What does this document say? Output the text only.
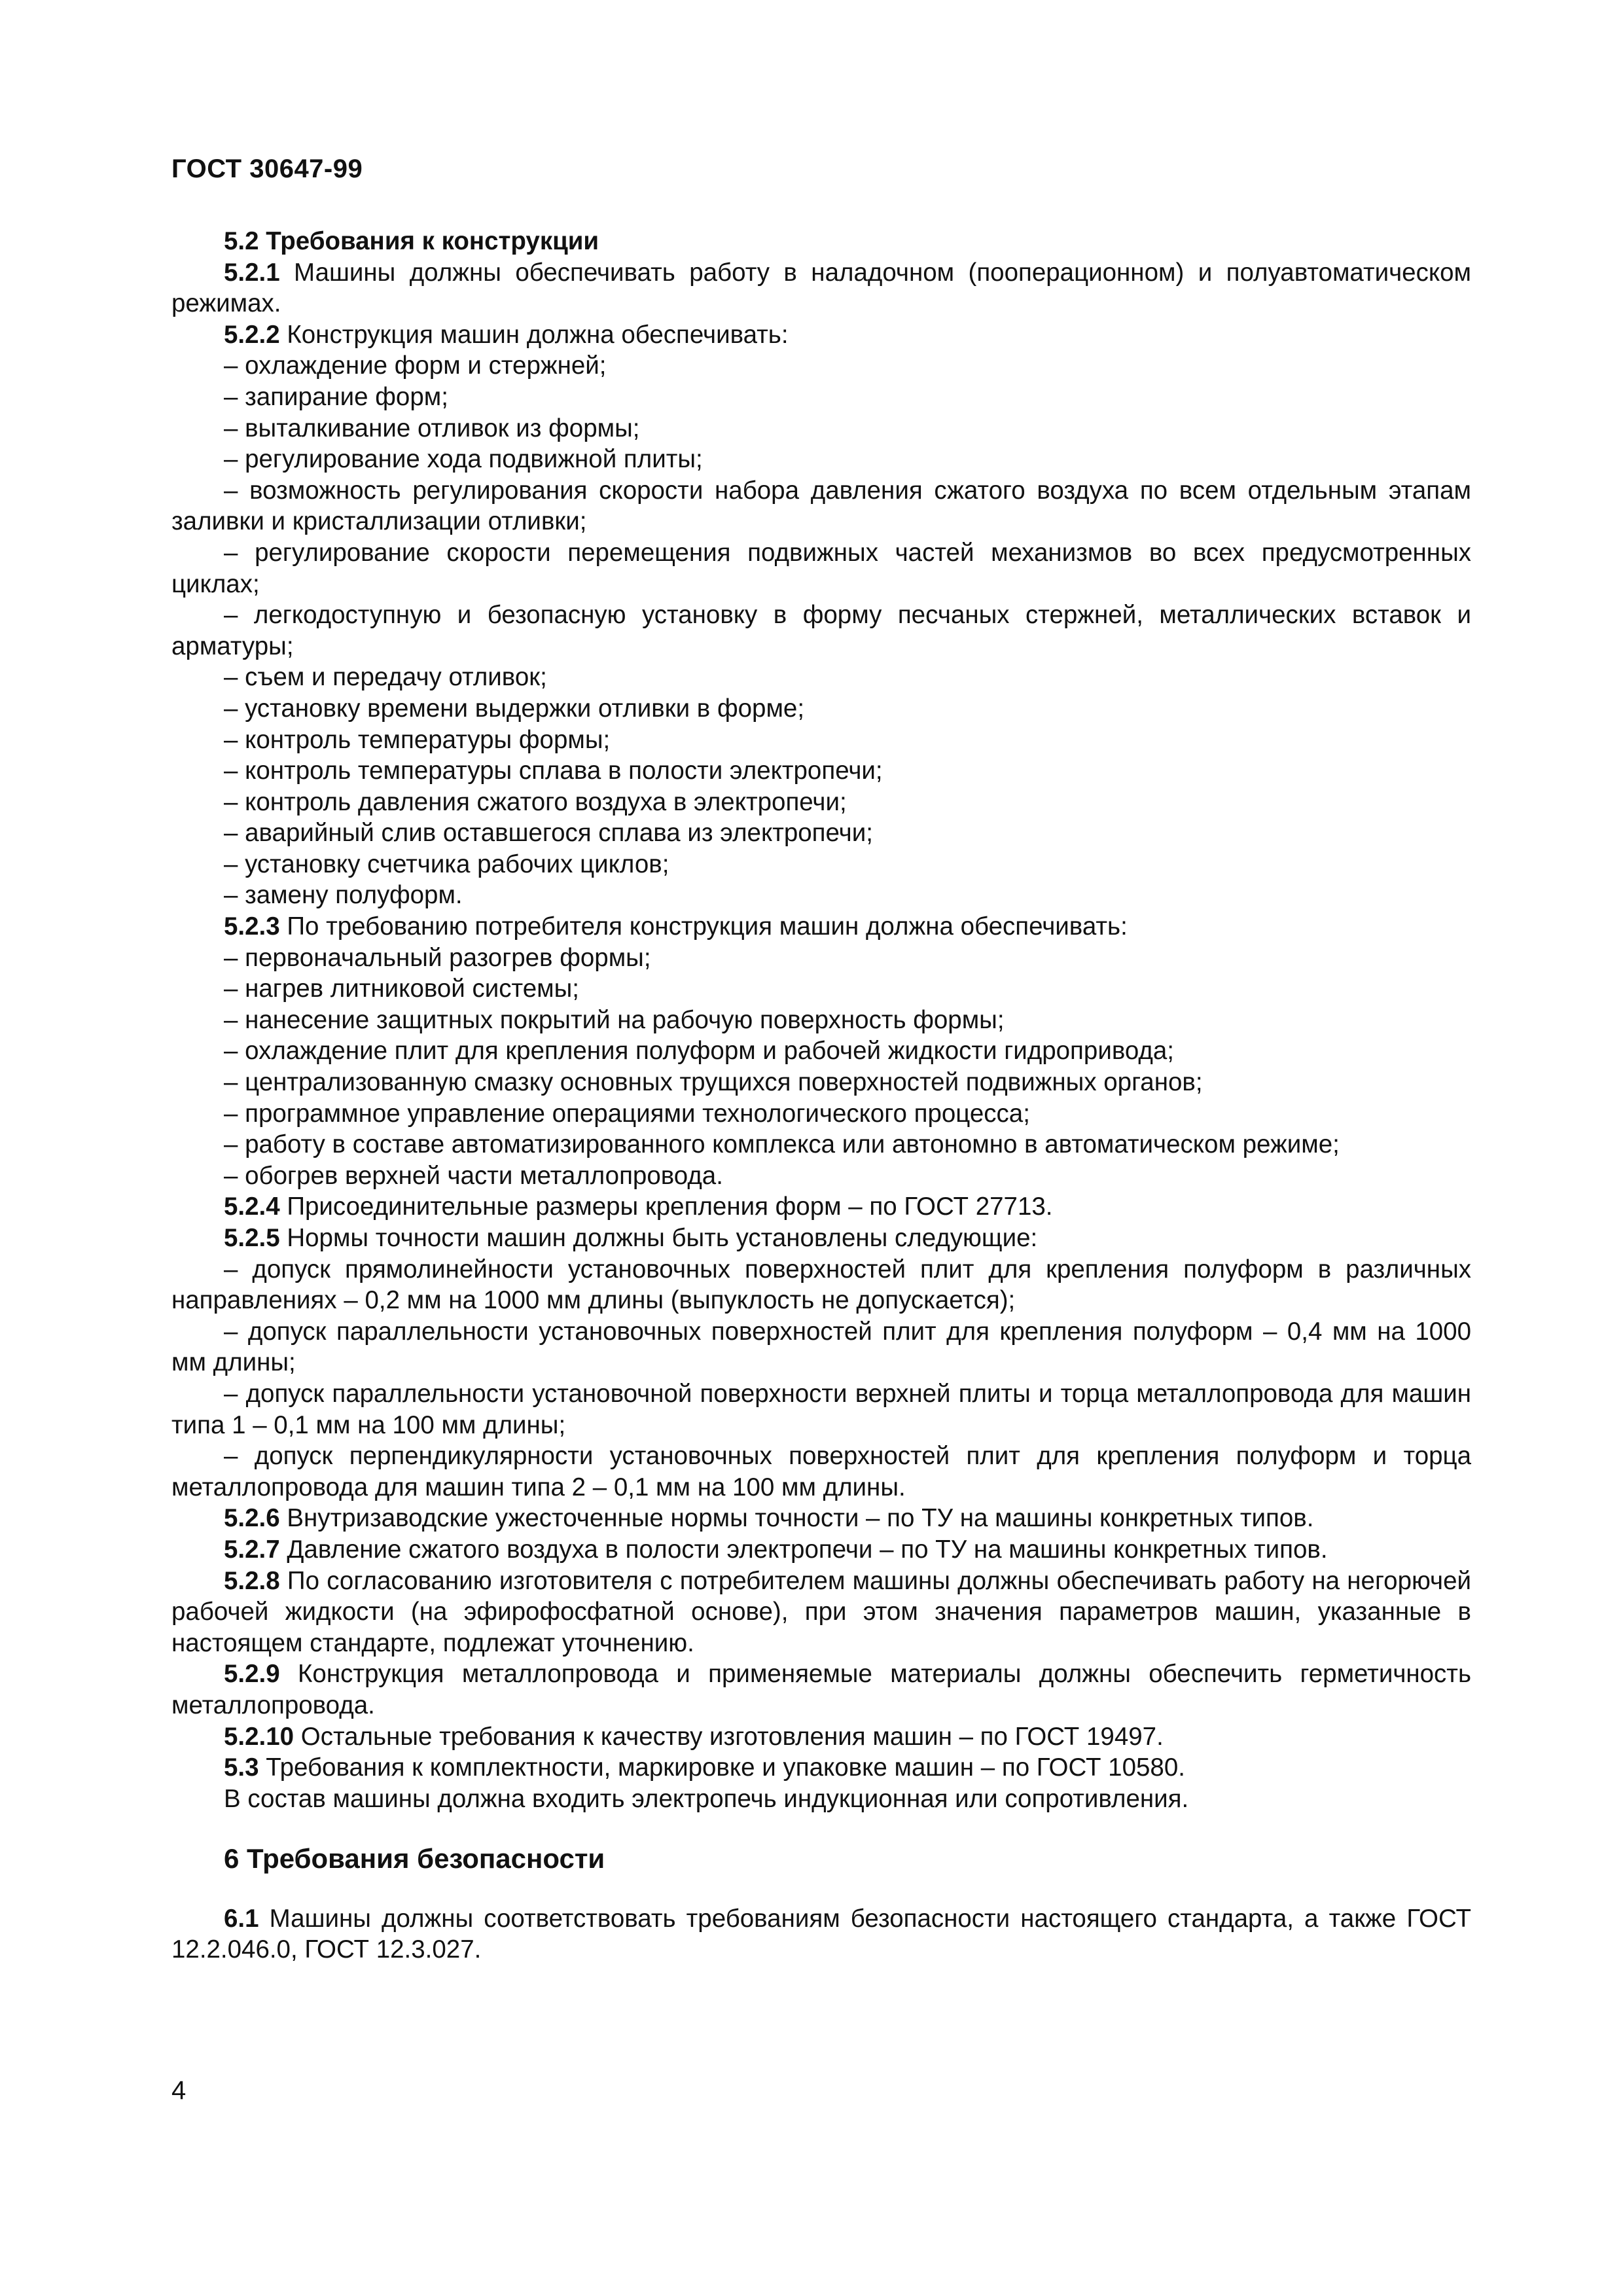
ГОСТ 30647-99
5.2 Требования к конструкции
5.2.1 Машины должны обеспечивать работу в наладочном (пооперационном) и полуавтоматическом режимах.
5.2.2 Конструкция машин должна обеспечивать:
– охлаждение форм и стержней;
– запирание форм;
– выталкивание отливок из формы;
– регулирование хода подвижной плиты;
– возможность регулирования скорости набора давления сжатого воздуха по всем отдельным этапам заливки и кристаллизации отливки;
– регулирование скорости перемещения подвижных частей механизмов во всех предусмотренных циклах;
– легкодоступную и безопасную установку в форму песчаных стержней, металлических вставок и арматуры;
– съем и передачу отливок;
– установку времени выдержки отливки в форме;
– контроль температуры формы;
– контроль температуры сплава в полости электропечи;
– контроль давления сжатого воздуха в электропечи;
– аварийный слив оставшегося сплава из электропечи;
– установку счетчика рабочих циклов;
– замену полуформ.
5.2.3 По требованию потребителя конструкция машин должна обеспечивать:
– первоначальный разогрев формы;
– нагрев литниковой системы;
– нанесение защитных покрытий на рабочую поверхность формы;
– охлаждение плит для крепления полуформ и рабочей жидкости гидропривода;
– централизованную смазку основных трущихся поверхностей подвижных органов;
– программное управление операциями технологического процесса;
– работу в составе автоматизированного комплекса или автономно в автоматическом режиме;
– обогрев верхней части металлопровода.
5.2.4 Присоединительные размеры крепления форм – по ГОСТ 27713.
5.2.5 Нормы точности машин должны быть установлены следующие:
– допуск прямолинейности установочных поверхностей плит для крепления полуформ в различных направлениях – 0,2 мм на 1000 мм длины (выпуклость не допускается);
– допуск параллельности установочных поверхностей плит для крепления полуформ – 0,4 мм на 1000 мм длины;
– допуск параллельности установочной поверхности верхней плиты и торца металлопровода для машин типа 1 – 0,1 мм на 100 мм длины;
– допуск перпендикулярности установочных поверхностей плит для крепления полуформ и торца металлопровода для машин типа 2 – 0,1 мм на 100 мм длины.
5.2.6 Внутризаводские ужесточенные нормы точности – по ТУ на машины конкретных типов.
5.2.7 Давление сжатого воздуха в полости электропечи – по ТУ на машины конкретных типов.
5.2.8 По согласованию изготовителя с потребителем машины должны обеспечивать работу на негорючей рабочей жидкости (на эфирофосфатной основе), при этом значения параметров машин, указанные в настоящем стандарте, подлежат уточнению.
5.2.9 Конструкция металлопровода и применяемые материалы должны обеспечить герметичность металлопровода.
5.2.10 Остальные требования к качеству изготовления машин – по ГОСТ 19497.
5.3 Требования к комплектности, маркировке и упаковке машин – по ГОСТ 10580.
В состав машины должна входить электропечь индукционная или сопротивления.
6 Требования безопасности
6.1 Машины должны соответствовать требованиям безопасности настоящего стандарта, а также ГОСТ 12.2.046.0, ГОСТ 12.3.027.
4
